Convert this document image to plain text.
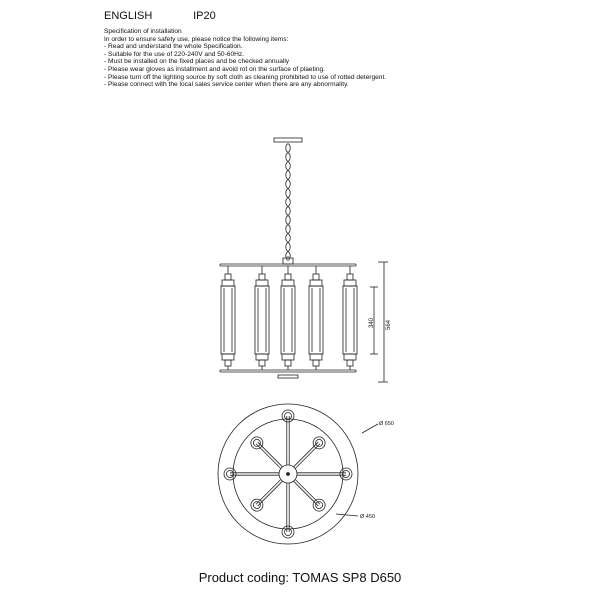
ENGLISH	IP20
Specification of installation
In order to ensure safety use, please notice the following items:
- Read and understand the whole Specification.
- Suitable for the use of 220-240V and 50-60Hz.
- Must be installed on the fixed places and be checked annually
- Please wear gloves as installment and avoid rot on the surface of plaeting.
- Please turn off the lighting source by soft cloth as cleaning prohibited to use of rotted detergent.
- Please connect with the local sales service center when there are any abnormality.
340 564
Ø 650
Ø 450
Product coding: TOMAS SP8 D650
